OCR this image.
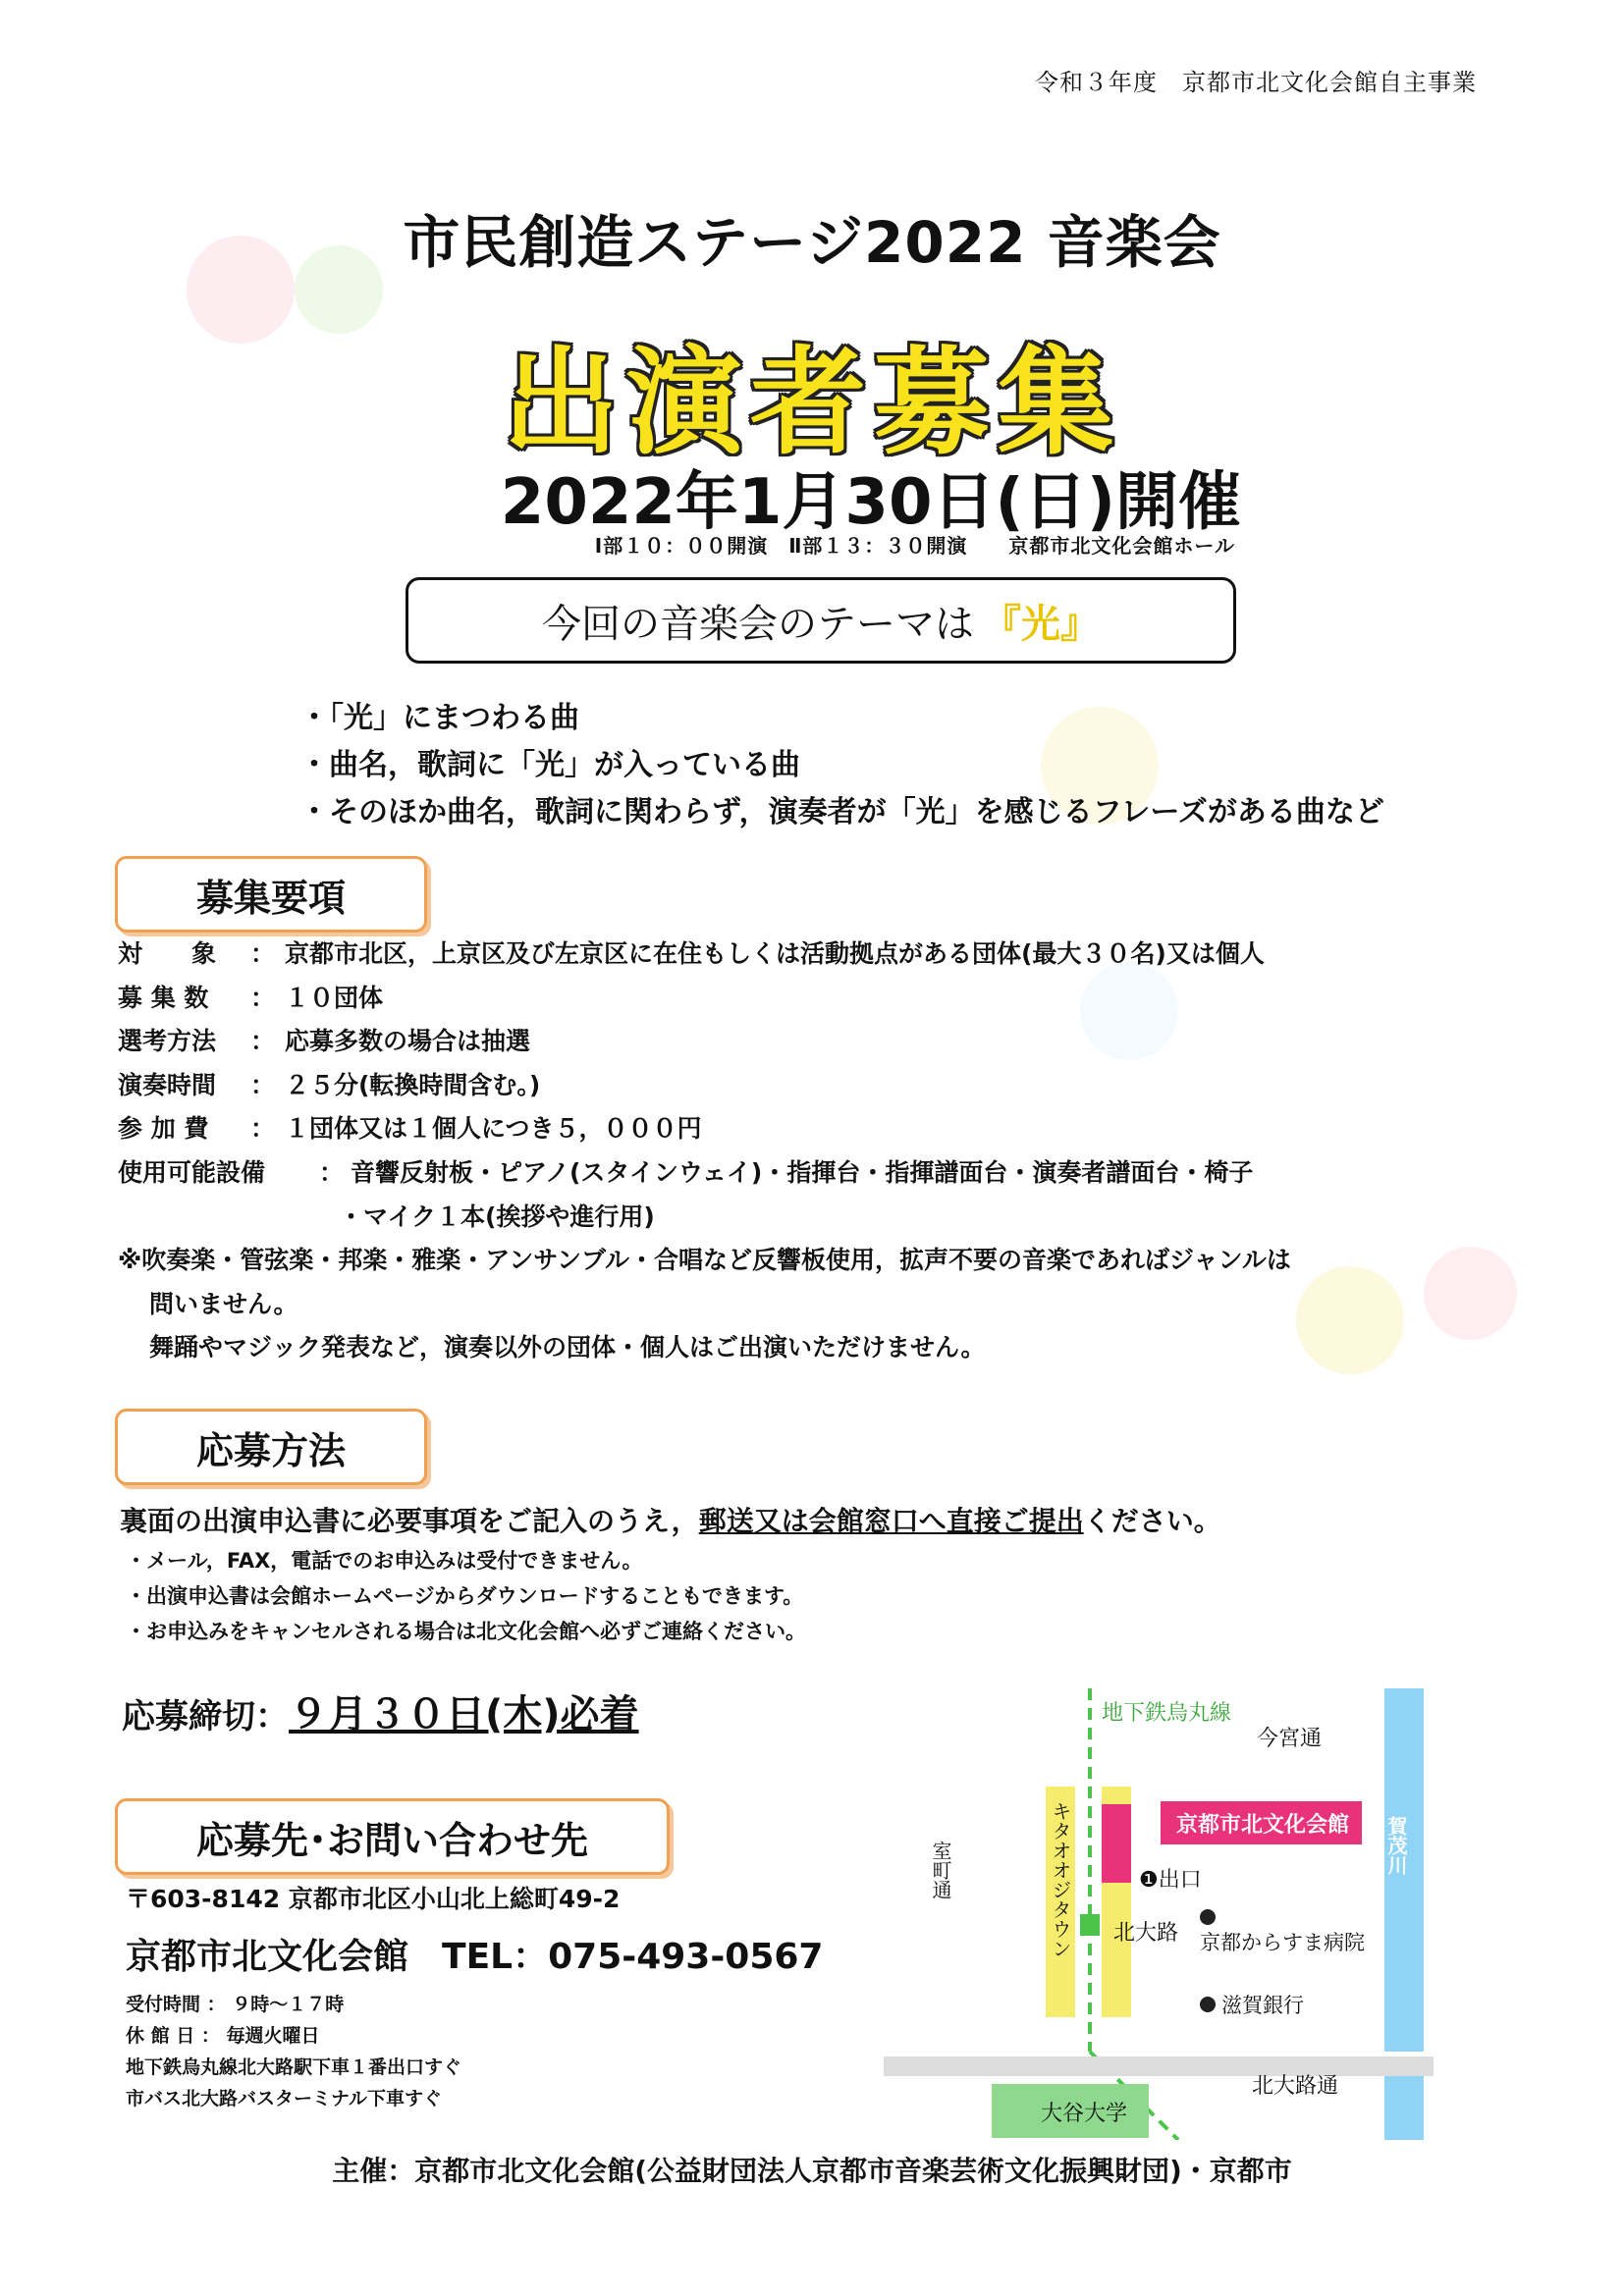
令和３年度　京都市北文化会館自主事業
市民創造ステージ2022 音楽会
出演者募集
2022年1月30日(日)開催
Ⅰ部１０：００開演　Ⅱ部１３：３０開演　　京都市北文化会館ホール
今回の音楽会のテーマは 『光』
・「光」にまつわる曲
・曲名，歌詞に「光」が入っている曲
・そのほか曲名，歌詞に関わらず，演奏者が「光」を感じるフレーズがある曲など
募集要項
対　　象	： 京都市北区，上京区及び左京区に在住もしくは活動拠点がある団体(最大３０名)又は個人
募 集 数	： １０団体
選考方法	： 応募多数の場合は抽選
演奏時間	： ２５分(転換時間含む。)
参 加 費	： １団体又は１個人につき５，０００円
使用可能設備	： 音響反射板・ピアノ(スタインウェイ)・指揮台・指揮譜面台・演奏者譜面台・椅子
・マイク１本(挨拶や進行用)
※吹奏楽・管弦楽・邦楽・雅楽・アンサンブル・合唱など反響板使用，拡声不要の音楽であればジャンルは
問いません。
舞踊やマジック発表など，演奏以外の団体・個人はご出演いただけません。
応募方法
裏面の出演申込書に必要事項をご記入のうえ，郵送又は会館窓口へ直接ご提出ください。
・メール，FAX，電話でのお申込みは受付できません。
・出演申込書は会館ホームページからダウンロードすることもできます。
・お申込みをキャンセルされる場合は北文化会館へ必ずご連絡ください。
応募締切：９月３０日(木)必着
応募先･お問い合わせ先
〒603-8142 京都市北区小山北上総町49-2
京都市北文化会館 TEL：075-493-0567
受付時間 ： ９時～１７時
休 館 日 ： 毎週火曜日
地下鉄烏丸線北大路駅下車１番出口すぐ
市バス北大路バスターミナル下車すぐ
地下鉄烏丸線
今宮通
京都市北文化会館
❶出口
室町通	キタオオジタウン 北大路 京都からすま病院
滋賀銀行
北大路通
大谷大学
賀茂川
主催：京都市北文化会館(公益財団法人京都市音楽芸術文化振興財団)・京都市
